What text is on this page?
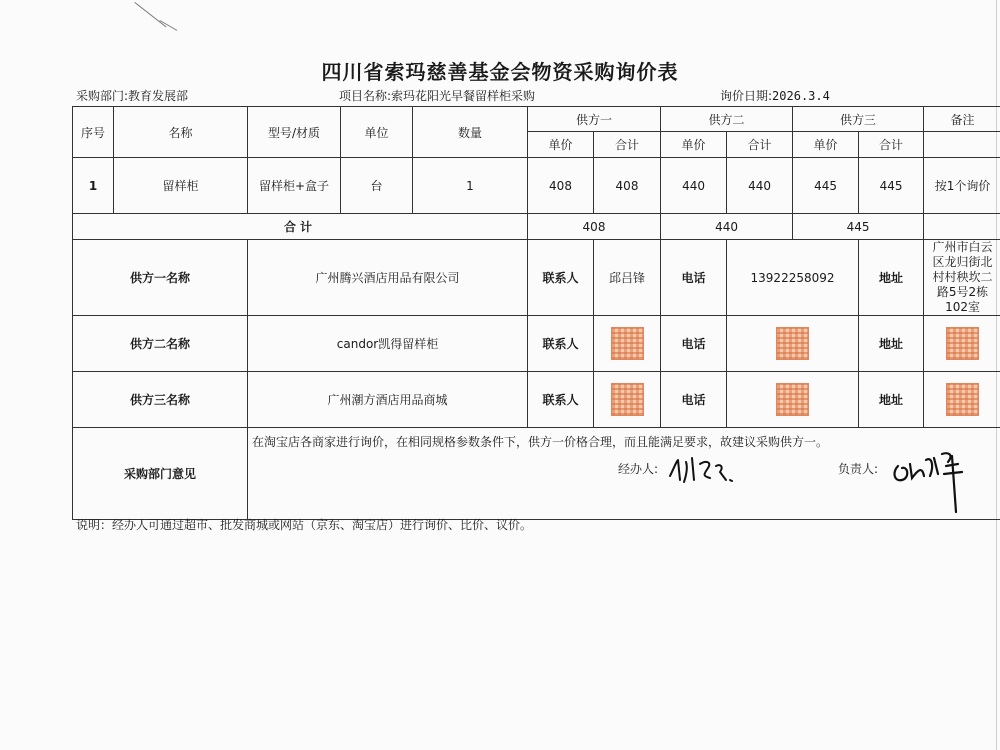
四川省索玛慈善基金会物资采购询价表
采购部门:教育发展部	项目名称:索玛花阳光早餐留样柜采购	询价日期:2026.3.4
序号	名称	型号/材质	单位	数量	供方一		供方二		供方三		备注
					单价	合计	单价	合计	单价	合计	
1	留样柜	留样柜+盒子	台	1	408	408	440	440	445	445	按1个询价
合计					408		440		445		
供方一名称		广州腾兴酒店用品有限公司			联系人	邱吕锋	电话	13922258092		地址	广州市白云区龙归街北村村秧坎二路5号2栋102室
供方二名称		candor凯得留样柜			联系人		电话			地址	
供方三名称		广州潮方酒店用品商城			联系人		电话			地址	
采购部门意见		在淘宝店各商家进行询价，在相同规格参数条件下，供方一价格合理，而且能满足要求，故建议采购供方一。
经办人: 负责人:									
说明：经办人可通过超市、批发商城或网站（京东、淘宝店）进行询价、比价、议价。
